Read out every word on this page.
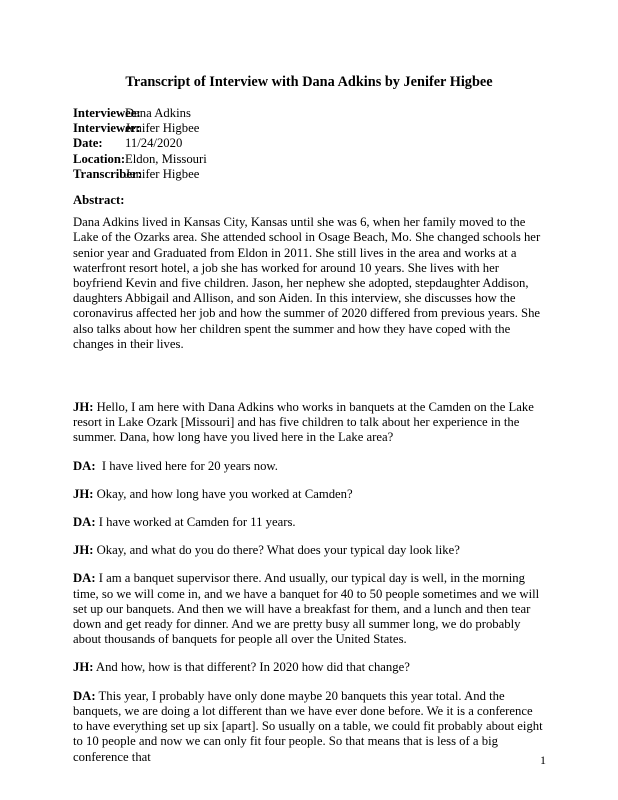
Transcript of Interview with Dana Adkins by Jenifer Higbee
Interviewee:
Dana Adkins
Interviewer:
Jenifer Higbee
Date:	11/24/2020
Location: Eldon, Missouri
Transcriber:
Jenifer Higbee
Abstract:

Dana Adkins lived in Kansas City, Kansas until she was 6, when her family moved to the Lake of the Ozarks area. She attended school in Osage Beach, Mo. She changed schools her senior year and Graduated from Eldon in 2011. She still lives in the area and works at a waterfront resort hotel, a job she has worked for around 10 years. She lives with her boyfriend Kevin and five children. Jason, her nephew she adopted, stepdaughter Addison, daughters Abbigail and Allison, and son Aiden. In this interview, she discusses how the coronavirus affected her job and how the summer of 2020 differed from previous years. She also talks about how her children spent the summer and how they have coped with the changes in their lives.

JH: Hello, I am here with Dana Adkins who works in banquets at the Camden on the Lake resort in Lake Ozark [Missouri] and has five children to talk about her experience in the summer. Dana, how long have you lived here in the Lake area?

DA:  I have lived here for 20 years now.

JH: Okay, and how long have you worked at Camden?

DA: I have worked at Camden for 11 years.

JH: Okay, and what do you do there? What does your typical day look like?

DA: I am a banquet supervisor there. And usually, our typical day is well, in the morning time, so we will come in, and we have a banquet for 40 to 50 people sometimes and we will set up our banquets. And then we will have a breakfast for them, and a lunch and then tear down and get ready for dinner. And we are pretty busy all summer long, we do probably about thousands of banquets for people all over the United States.

JH: And how, how is that different? In 2020 how did that change?

DA: This year, I probably have only done maybe 20 banquets this year total. And the banquets, we are doing a lot different than we have ever done before. We it is a conference to have everything set up six [apart]. So usually on a table, we could fit probably about eight to 10 people and now we can only fit four people. So that means that is less of a big conference that	1
